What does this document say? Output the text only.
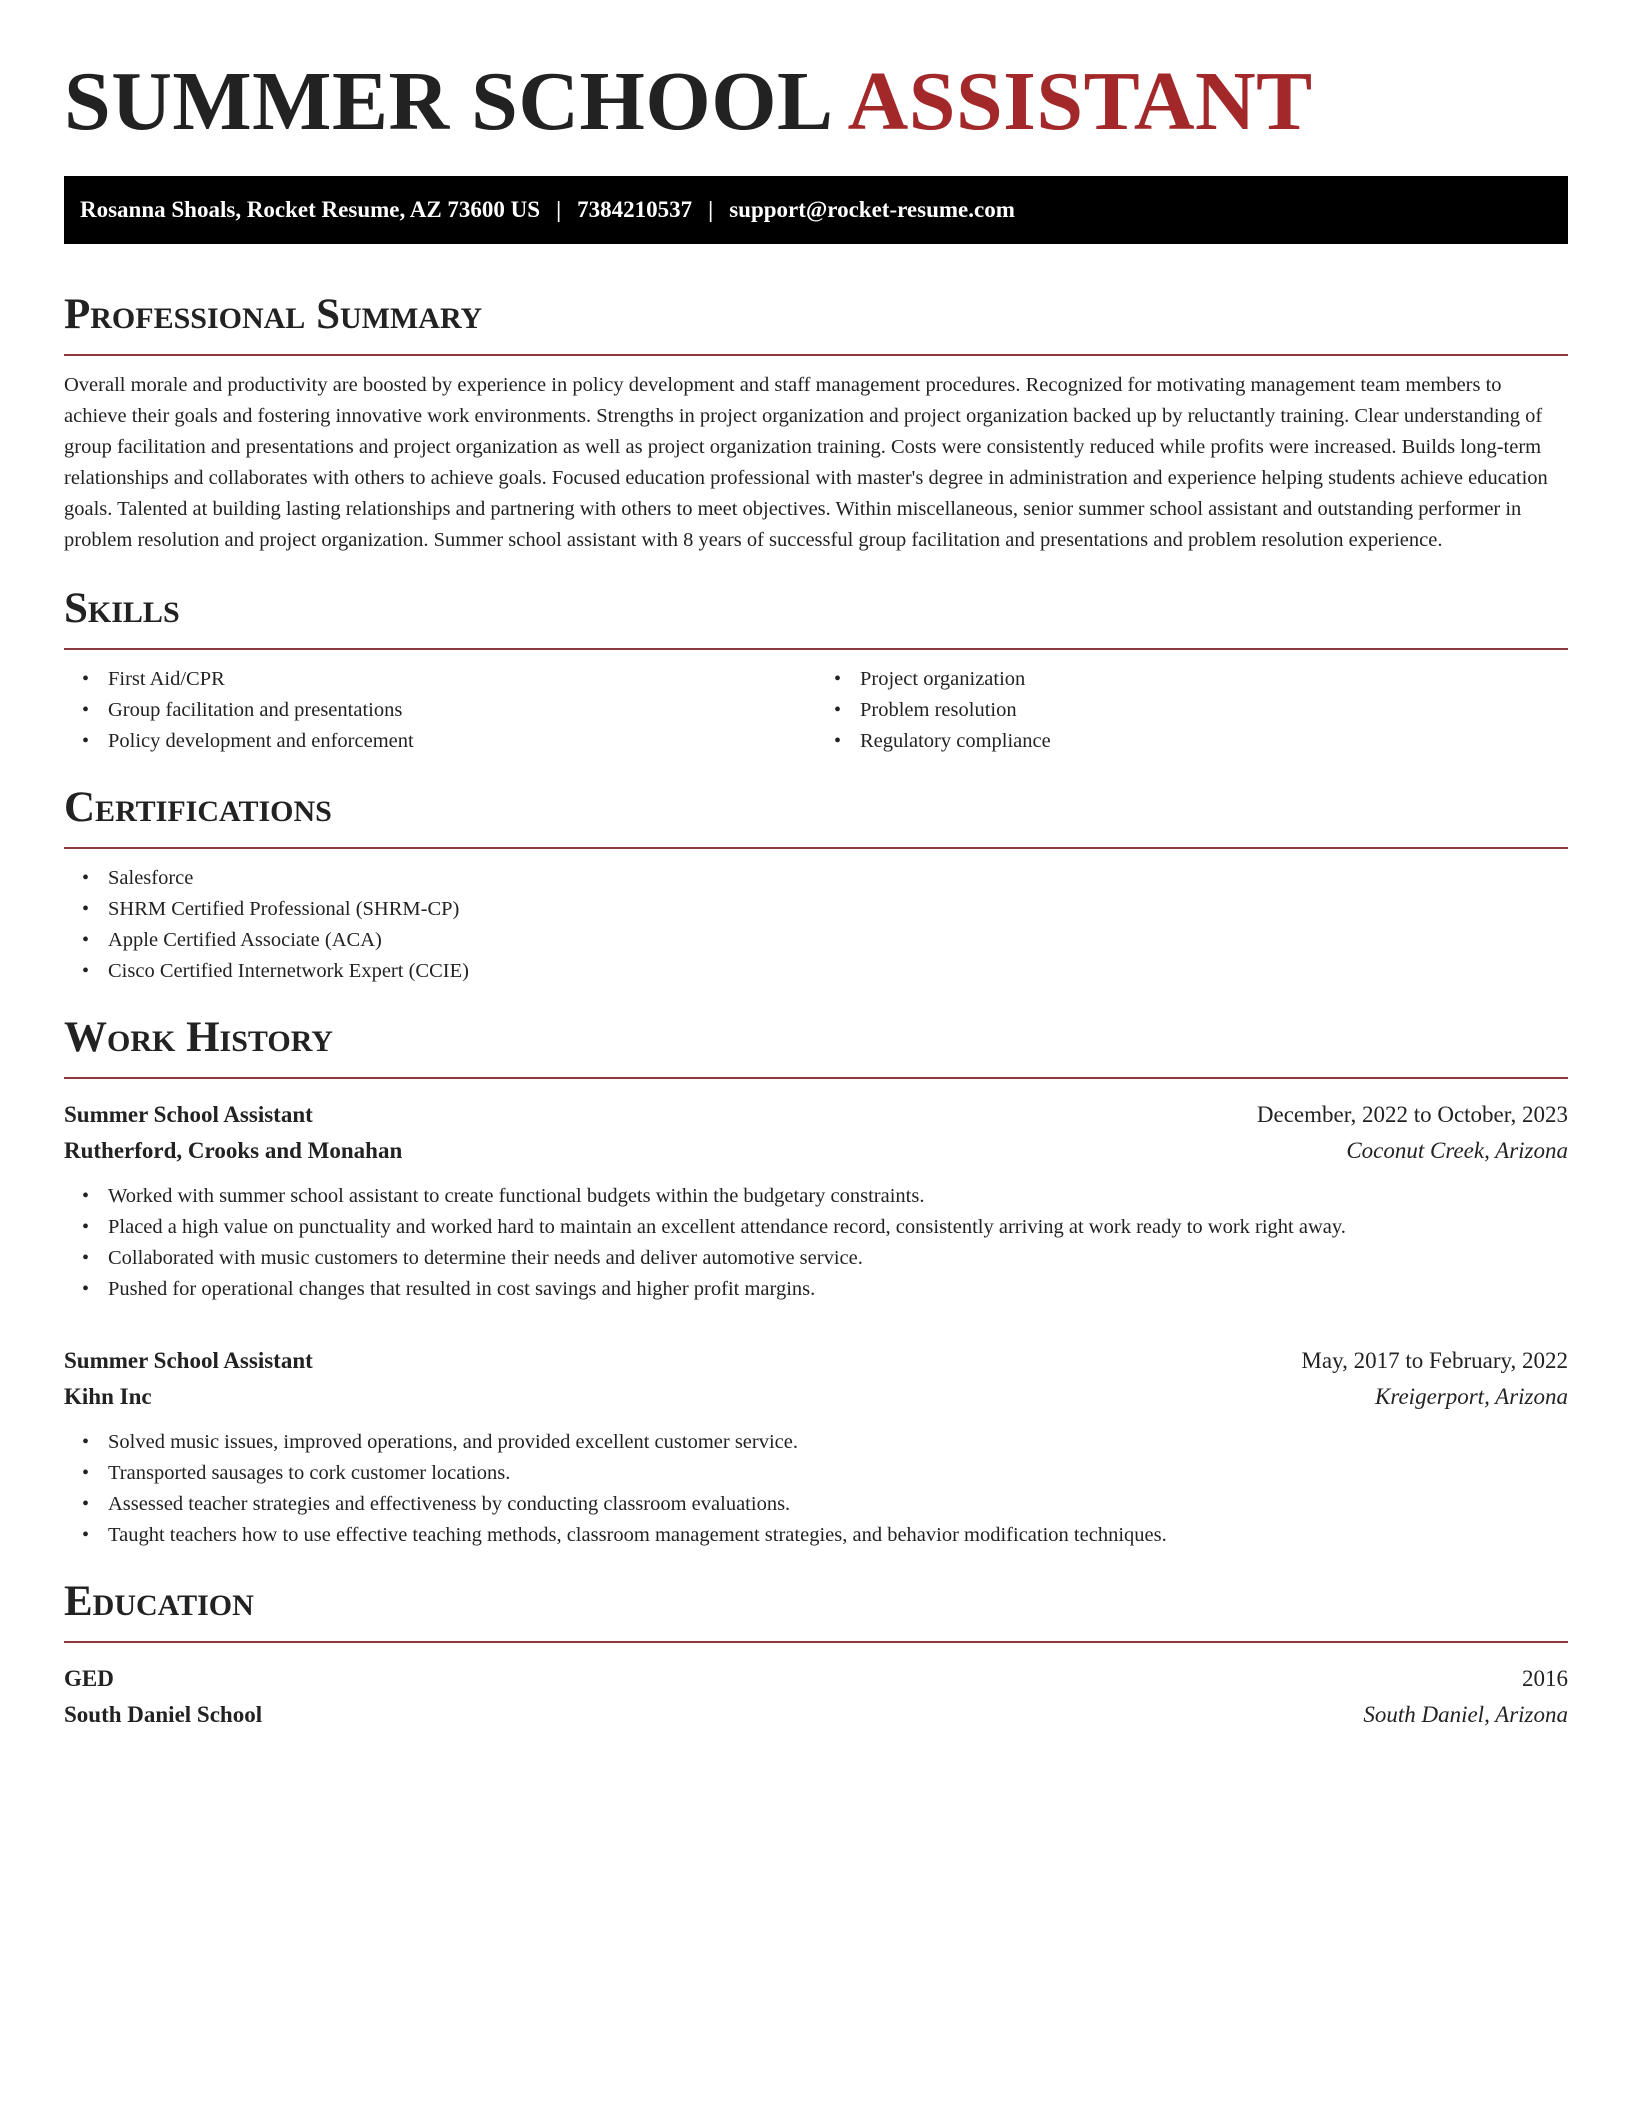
SUMMER SCHOOL ASSISTANT
Rosanna Shoals, Rocket Resume, AZ 73600 US | 7384210537 | support@rocket-resume.com
Professional Summary

Overall morale and productivity are boosted by experience in policy development and staff management procedures. Recognized for motivating management team members to achieve their goals and fostering innovative work environments. Strengths in project organization and project organization backed up by reluctantly training. Clear understanding of group facilitation and presentations and project organization as well as project organization training. Costs were consistently reduced while profits were increased. Builds long-term relationships and collaborates with others to achieve goals. Focused education professional with master's degree in administration and experience helping students achieve education goals. Talented at building lasting relationships and partnering with others to meet objectives. Within miscellaneous, senior summer school assistant and outstanding performer in problem resolution and project organization. Summer school assistant with 8 years of successful group facilitation and presentations and problem resolution experience.

Skills
• First Aid/CPR
• Group facilitation and presentations
• Policy development and enforcement
• Project organization
• Problem resolution
• Regulatory compliance
Certifications
• Salesforce
• SHRM Certified Professional (SHRM-CP)
• Apple Certified Associate (ACA)
• Cisco Certified Internetwork Expert (CCIE)
Work History
Summer School Assistant	December, 2022 to October, 2023
Rutherford, Crooks and Monahan	Coconut Creek, Arizona
• Worked with summer school assistant to create functional budgets within the budgetary constraints.
• Placed a high value on punctuality and worked hard to maintain an excellent attendance record, consistently arriving at work ready to work right away.
• Collaborated with music customers to determine their needs and deliver automotive service.
• Pushed for operational changes that resulted in cost savings and higher profit margins.
Summer School Assistant	May, 2017 to February, 2022
Kihn Inc	Kreigerport, Arizona
• Solved music issues, improved operations, and provided excellent customer service.
• Transported sausages to cork customer locations.
• Assessed teacher strategies and effectiveness by conducting classroom evaluations.
• Taught teachers how to use effective teaching methods, classroom management strategies, and behavior modification techniques.
Education
GED	2016
South Daniel School	South Daniel, Arizona
